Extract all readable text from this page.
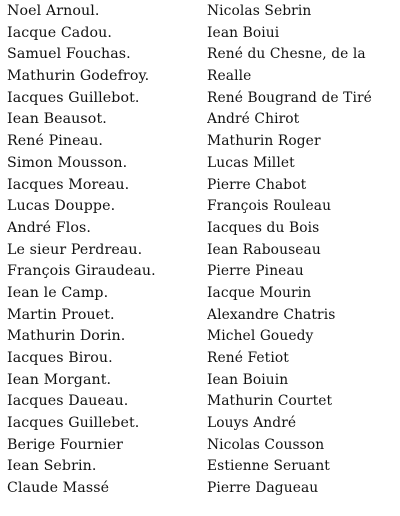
Noel Arnoul.
Iacque Cadou.
Samuel Fouchas.
Mathurin Godefroy.
Iacques Guillebot.
Iean Beausot.
René Pineau.
Simon Mousson.
Iacques Moreau.
Lucas Douppe.
André Flos.
Le sieur Perdreau.
François Giraudeau.
Iean le Camp.
Martin Prouet.
Mathurin Dorin.
Iacques Birou.
Iean Morgant.
Iacques Daueau.
Iacques Guillebet.
Berige Fournier
Iean Sebrin.
Claude Massé
Nicolas Sebrin
Iean Boiui
René du Chesne, de la Realle
René Bougrand de Tiré
André Chirot
Mathurin Roger
Lucas Millet
Pierre Chabot
François Rouleau
Iacques du Bois
Iean Rabouseau
Pierre Pineau
Iacque Mourin
Alexandre Chatris
Michel Gouedy
René Fetiot
Iean Boiuin
Mathurin Courtet
Louys André
Nicolas Cousson
Estienne Seruant
Pierre Dagueau
